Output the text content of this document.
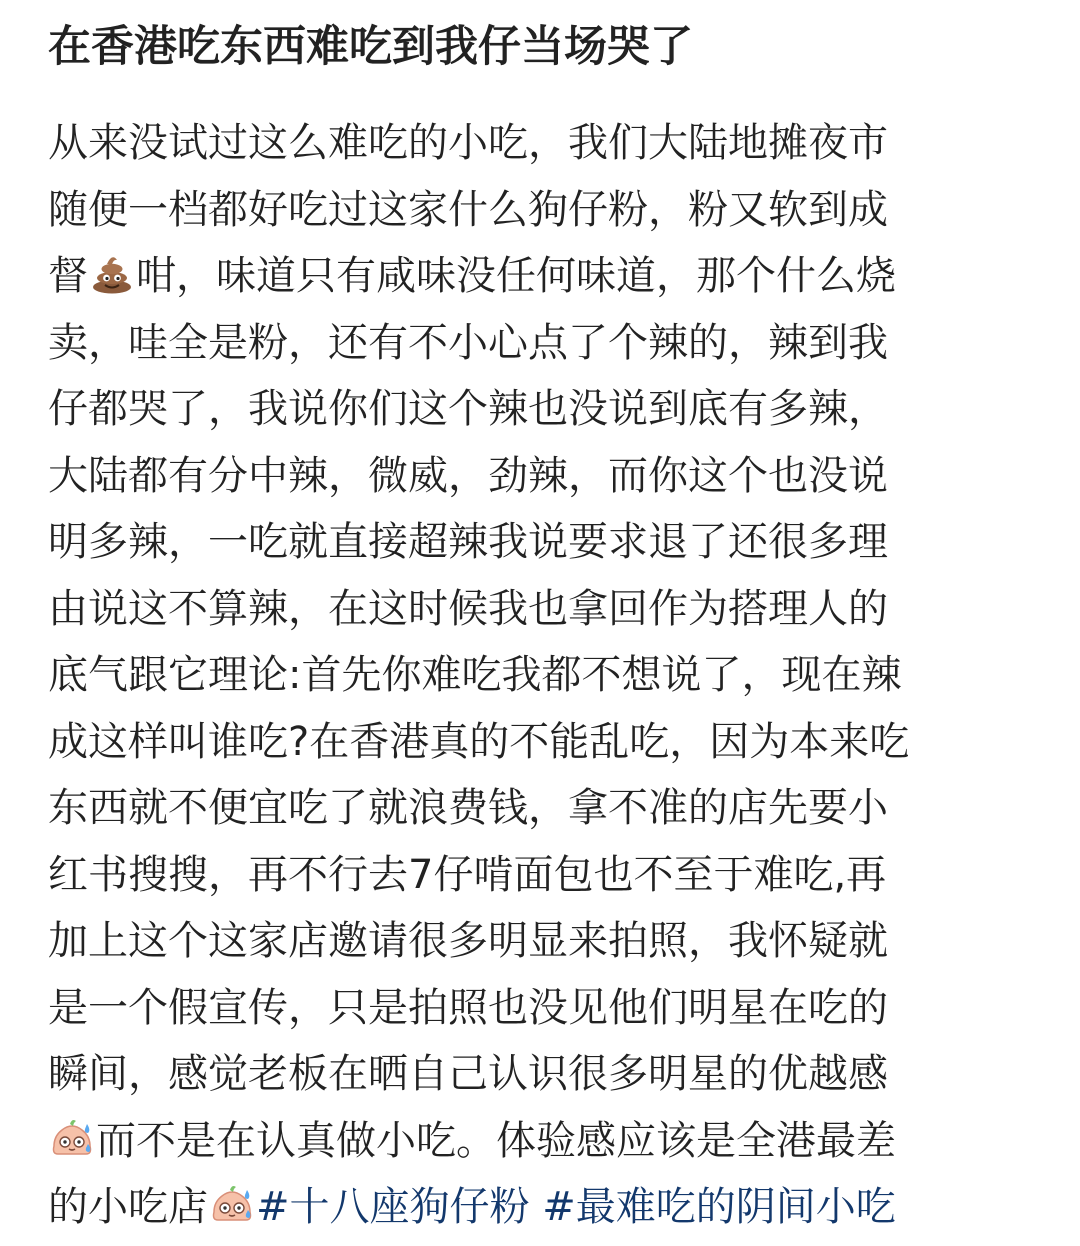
在香港吃东西难吃到我仔当场哭了
从来没试过这么难吃的小吃，我们大陆地摊夜市
随便一档都好吃过这家什么狗仔粉，粉又软到成
督 咁，味道只有咸味没任何味道，那个什么烧
卖，哇全是粉，还有不小心点了个辣的，辣到我
仔都哭了，我说你们这个辣也没说到底有多辣，
大陆都有分中辣，微威，劲辣，而你这个也没说
明多辣，一吃就直接超辣我说要求退了还很多理
由说这不算辣，在这时候我也拿回作为搭理人的
底气跟它理论:首先你难吃我都不想说了，现在辣
成这样叫谁吃?在香港真的不能乱吃，因为本来吃
东西就不便宜吃了就浪费钱，拿不准的店先要小
红书搜搜，再不行去7仔啃面包也不至于难吃,再
加上这个这家店邀请很多明显来拍照，我怀疑就
是一个假宣传，只是拍照也没见他们明星在吃的
瞬间，感觉老板在晒自己认识很多明星的优越感
而不是在认真做小吃。体验感应该是全港最差
的小吃店 #十八座狗仔粉 #最难吃的阴间小吃
